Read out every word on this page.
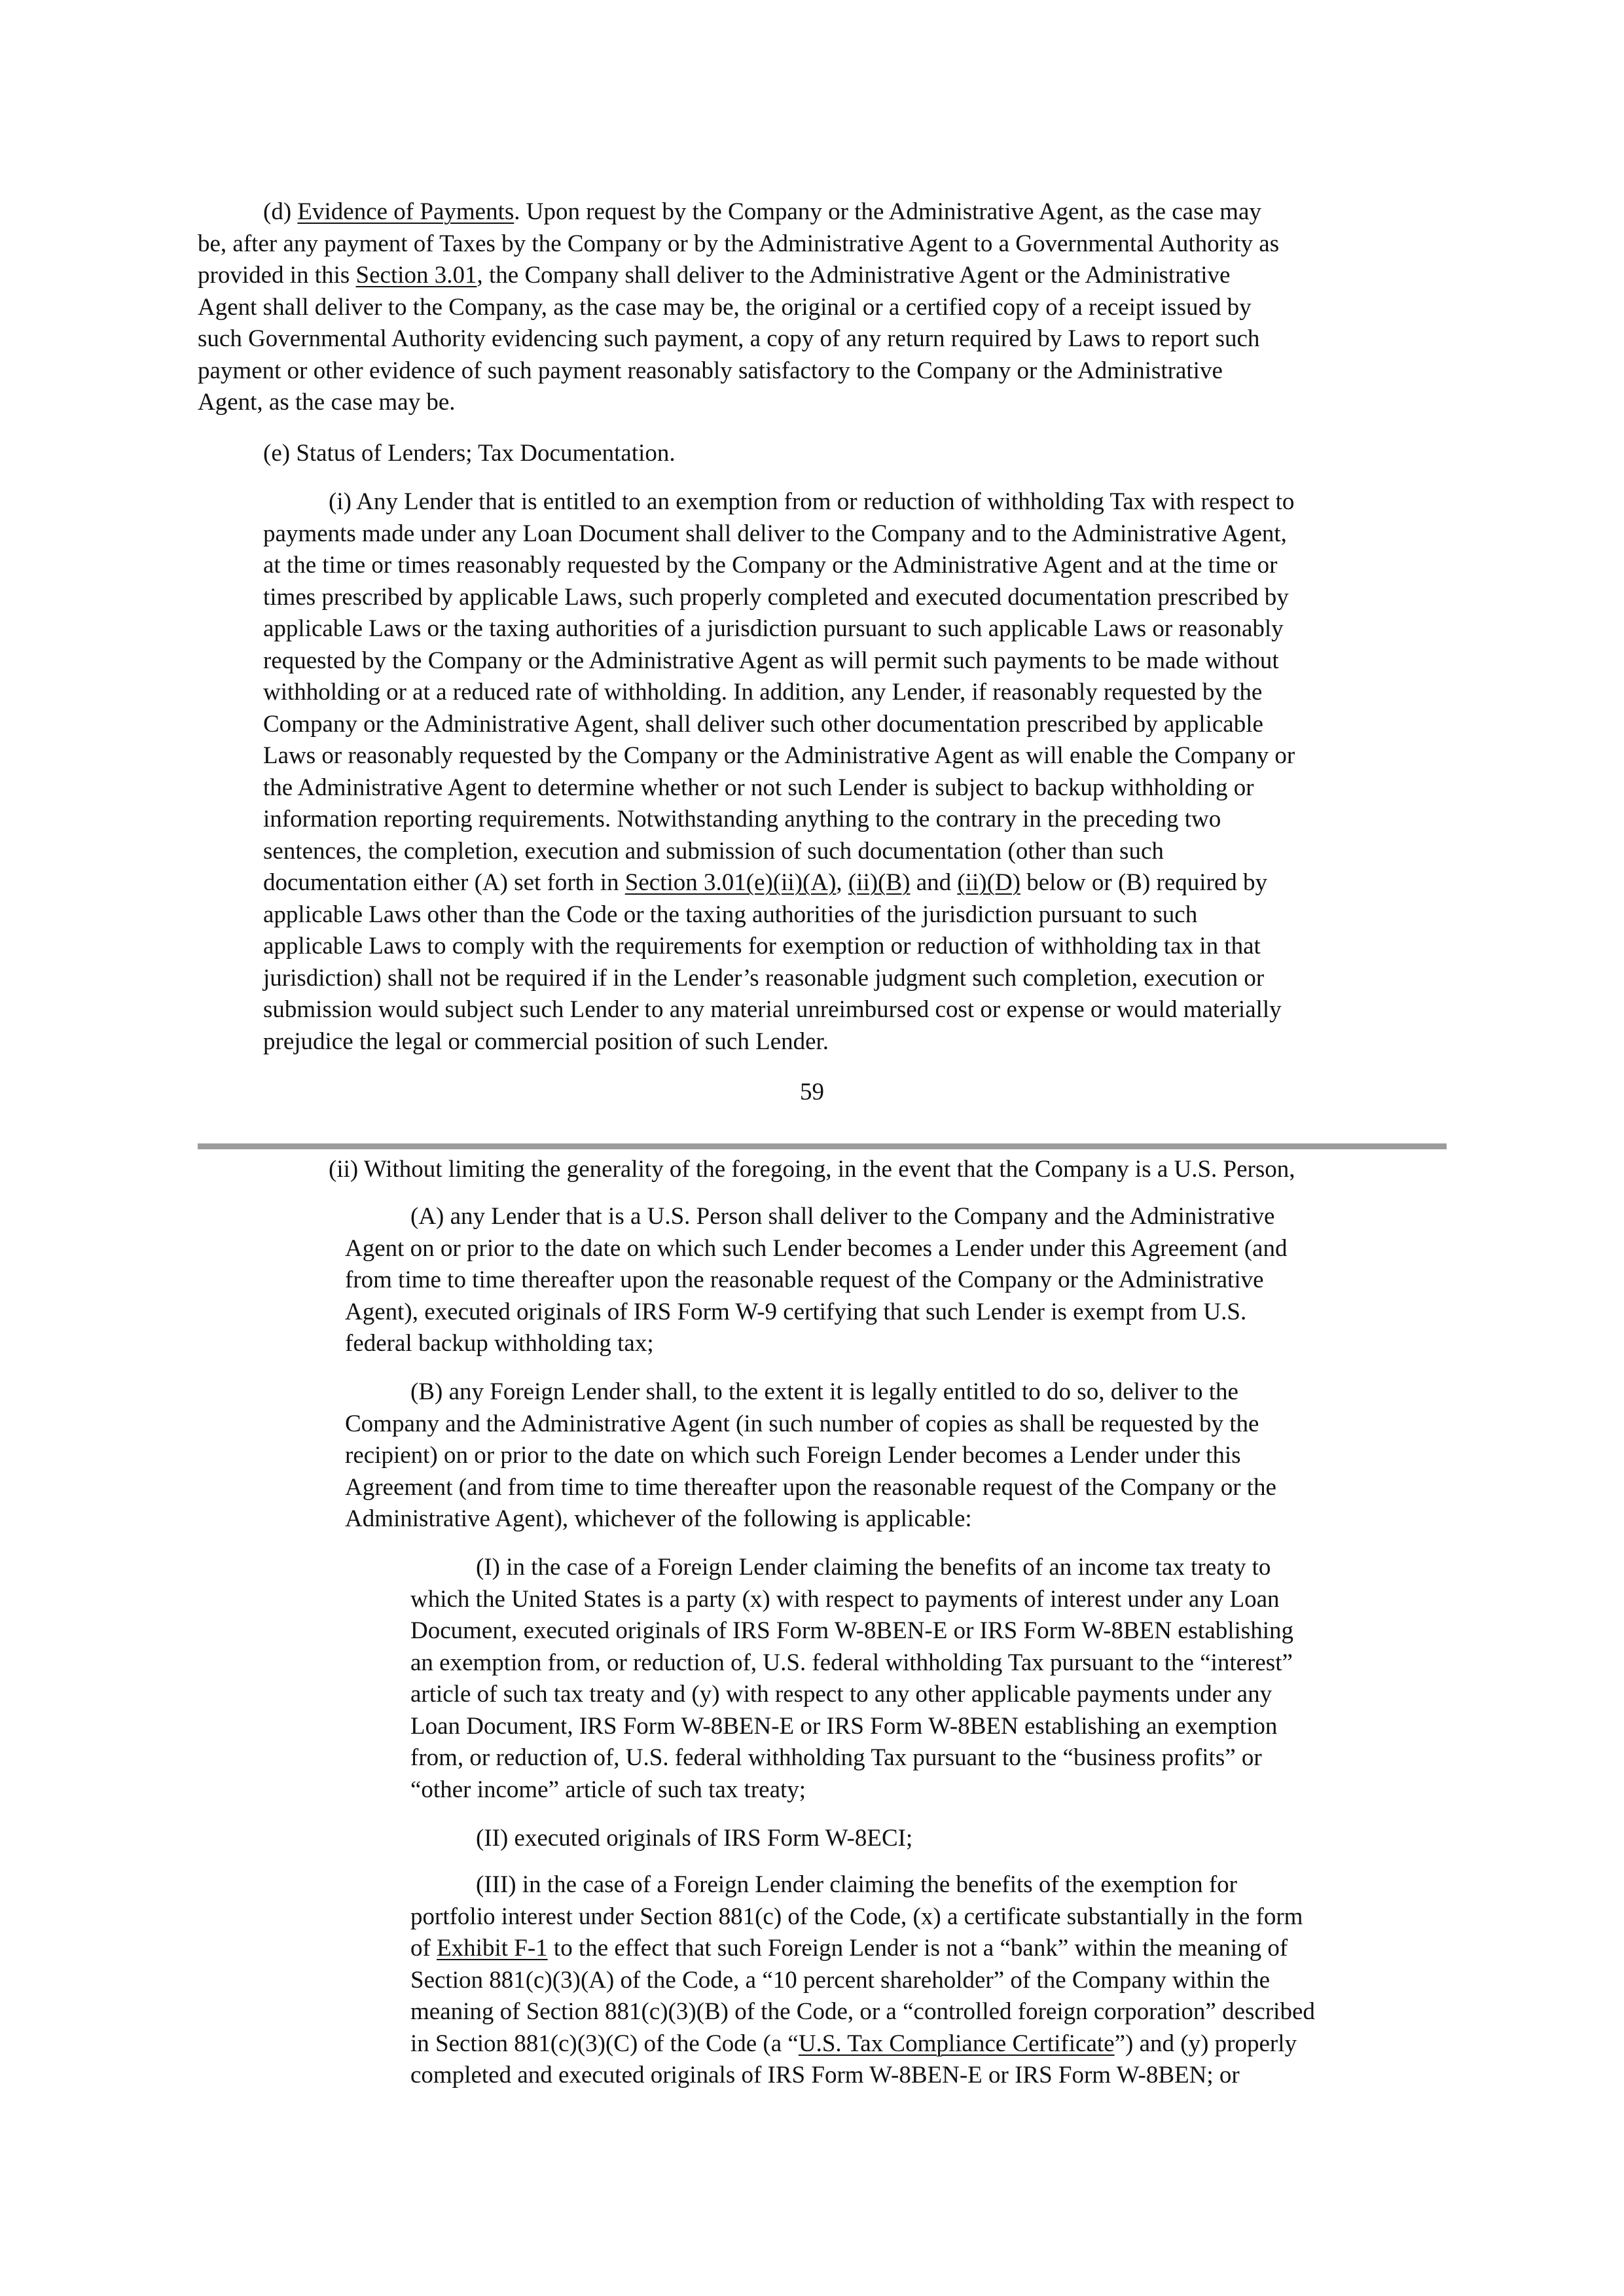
(d) Evidence of Payments. Upon request by the Company or the Administrative Agent, as the case may
be, after any payment of Taxes by the Company or by the Administrative Agent to a Governmental Authority as
provided in this Section 3.01, the Company shall deliver to the Administrative Agent or the Administrative
Agent shall deliver to the Company, as the case may be, the original or a certified copy of a receipt issued by
such Governmental Authority evidencing such payment, a copy of any return required by Laws to report such
payment or other evidence of such payment reasonably satisfactory to the Company or the Administrative
Agent, as the case may be.
(e) Status of Lenders; Tax Documentation.
(i) Any Lender that is entitled to an exemption from or reduction of withholding Tax with respect to
payments made under any Loan Document shall deliver to the Company and to the Administrative Agent,
at the time or times reasonably requested by the Company or the Administrative Agent and at the time or
times prescribed by applicable Laws, such properly completed and executed documentation prescribed by
applicable Laws or the taxing authorities of a jurisdiction pursuant to such applicable Laws or reasonably
requested by the Company or the Administrative Agent as will permit such payments to be made without
withholding or at a reduced rate of withholding. In addition, any Lender, if reasonably requested by the
Company or the Administrative Agent, shall deliver such other documentation prescribed by applicable
Laws or reasonably requested by the Company or the Administrative Agent as will enable the Company or
the Administrative Agent to determine whether or not such Lender is subject to backup withholding or
information reporting requirements. Notwithstanding anything to the contrary in the preceding two
sentences, the completion, execution and submission of such documentation (other than such
documentation either (A) set forth in Section 3.01(e)(ii)(A), (ii)(B) and (ii)(D) below or (B) required by
applicable Laws other than the Code or the taxing authorities of the jurisdiction pursuant to such
applicable Laws to comply with the requirements for exemption or reduction of withholding tax in that
jurisdiction) shall not be required if in the Lender’s reasonable judgment such completion, execution or
submission would subject such Lender to any material unreimbursed cost or expense or would materially
prejudice the legal or commercial position of such Lender.
59
(ii) Without limiting the generality of the foregoing, in the event that the Company is a U.S. Person,
(A) any Lender that is a U.S. Person shall deliver to the Company and the Administrative
Agent on or prior to the date on which such Lender becomes a Lender under this Agreement (and
from time to time thereafter upon the reasonable request of the Company or the Administrative
Agent), executed originals of IRS Form W-9 certifying that such Lender is exempt from U.S.
federal backup withholding tax;
(B) any Foreign Lender shall, to the extent it is legally entitled to do so, deliver to the
Company and the Administrative Agent (in such number of copies as shall be requested by the
recipient) on or prior to the date on which such Foreign Lender becomes a Lender under this
Agreement (and from time to time thereafter upon the reasonable request of the Company or the
Administrative Agent), whichever of the following is applicable:
(I) in the case of a Foreign Lender claiming the benefits of an income tax treaty to
which the United States is a party (x) with respect to payments of interest under any Loan
Document, executed originals of IRS Form W-8BEN-E or IRS Form W-8BEN establishing
an exemption from, or reduction of, U.S. federal withholding Tax pursuant to the “interest”
article of such tax treaty and (y) with respect to any other applicable payments under any
Loan Document, IRS Form W-8BEN-E or IRS Form W-8BEN establishing an exemption
from, or reduction of, U.S. federal withholding Tax pursuant to the “business profits” or
“other income” article of such tax treaty;
(II) executed originals of IRS Form W-8ECI;
(III) in the case of a Foreign Lender claiming the benefits of the exemption for
portfolio interest under Section 881(c) of the Code, (x) a certificate substantially in the form
of Exhibit F-1 to the effect that such Foreign Lender is not a “bank” within the meaning of
Section 881(c)(3)(A) of the Code, a “10 percent shareholder” of the Company within the
meaning of Section 881(c)(3)(B) of the Code, or a “controlled foreign corporation” described
in Section 881(c)(3)(C) of the Code (a “U.S. Tax Compliance Certificate”) and (y) properly
completed and executed originals of IRS Form W-8BEN-E or IRS Form W-8BEN; or
